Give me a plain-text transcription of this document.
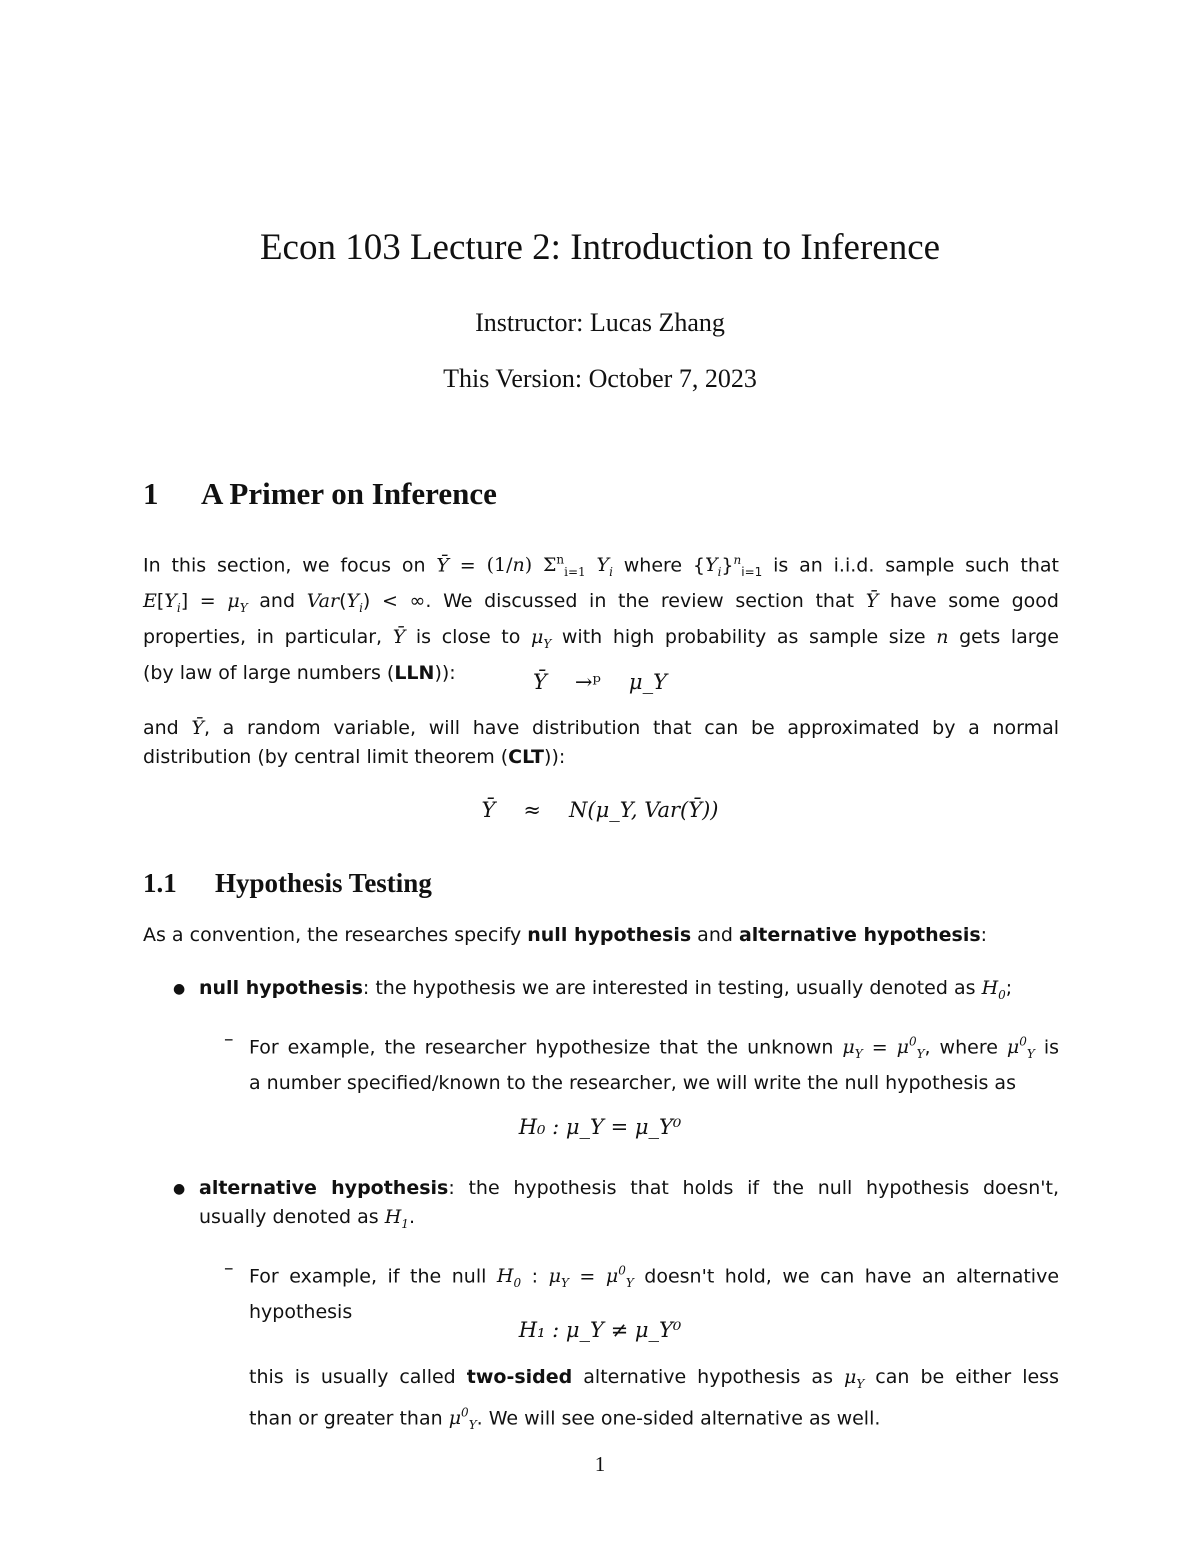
Econ 103 Lecture 2: Introduction to Inference
Instructor: Lucas Zhang
This Version: October 7, 2023
1 A Primer on Inference
In this section, we focus on Ȳ = (1/n) $\Sigma^n_{i=1}$ $Y_i$ where $\{Y_i\}^n_{i=1}$ is an i.i.d. sample such that
$E[Y_i] = \mu_Y$ and $Var(Y_i)$ < ∞. We discussed in the review section that Ȳ have some good
properties, in particular, Ȳ is close to $\mu_Y$ with high probability as sample size n gets large
(by law of large numbers (LLN)):	Ȳ →ᵖ μ_Y
and Ȳ, a random variable, will have distribution that can be approximated by a normal
distribution (by central limit theorem (CLT)):
Ȳ ≈ N(μ_Y, Var(Ȳ))
1.1 Hypothesis Testing
As a convention, the researches specify null hypothesis and alternative hypothesis:
● null hypothesis: the hypothesis we are interested in testing, usually denoted as $H_0$;
– For example, the researcher hypothesize that the unknown $\mu_Y = \mu^0_Y$, where $\mu^0_Y$ is
a number specified/known to the researcher, we will write the null hypothesis as
H₀ : μ_Y = μ_Y⁰
● alternative hypothesis: the hypothesis that holds if the null hypothesis doesn't,
usually denoted as $H_1$.
– For example, if the null $H_0$ : $\mu_Y = \mu^0_Y$ doesn't hold, we can have an alternative
hypothesis
H₁ : μ_Y ≠ μ_Y⁰
this is usually called two-sided alternative hypothesis as $\mu_Y$ can be either less
than or greater than $\mu^0_Y$. We will see one-sided alternative as well.
1
